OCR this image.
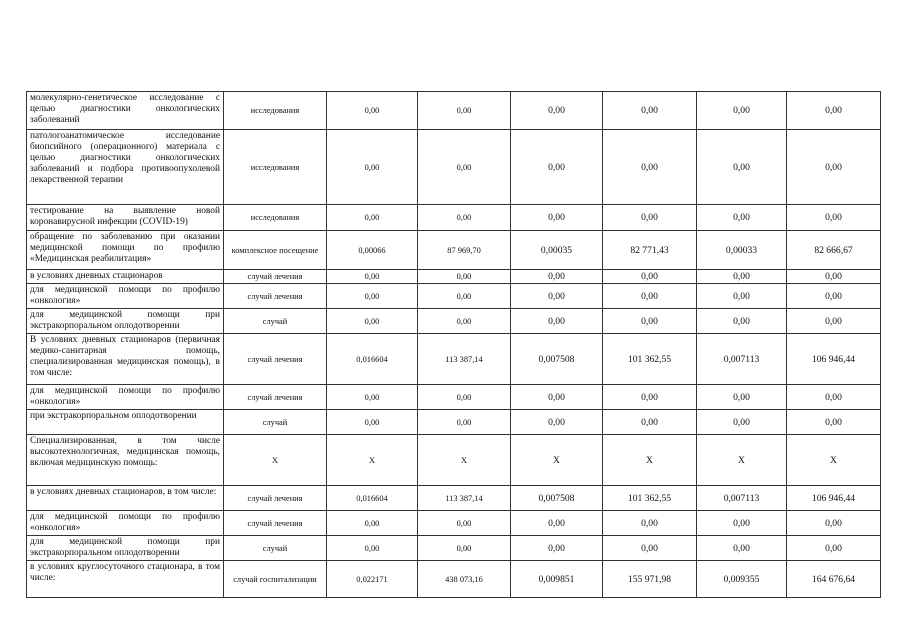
молекулярно-генетическое исследование с целью диагностики онкологических заболеваний	исследования	0,00	0,00	0,00	0,00	0,00	0,00
патологоанатомическое исследование биопсийного (операционного) материала с целью диагностики онкологических заболеваний и подбора противоопухолевой лекарственной терапии	исследования	0,00	0,00	0,00	0,00	0,00	0,00
тестирование на выявление новой коронавирусной инфекции (COVID-19)	исследования	0,00	0,00	0,00	0,00	0,00	0,00
обращение по заболеванию при оказании медицинской помощи по профилю «Медицинская реабилитация»	комплексное посещение	0,00066	87 969,70	0,00035	82 771,43	0,00033	82 666,67
в условиях дневных стационаров	случай лечения	0,00	0,00	0,00	0,00	0,00	0,00
для медицинской помощи по профилю «онкология»	случай лечения	0,00	0,00	0,00	0,00	0,00	0,00
для медицинской помощи при экстракорпоральном оплодотворении	случай	0,00	0,00	0,00	0,00	0,00	0,00
В условиях дневных стационаров (первичная медико-санитарная помощь, специализированная медицинская помощь), в том числе:	случай лечения	0,016604	113 387,14	0,007508	101 362,55	0,007113	106 946,44
для медицинской помощи по профилю «онкология»	случай лечения	0,00	0,00	0,00	0,00	0,00	0,00
при экстракорпоральном оплодотворении	случай	0,00	0,00	0,00	0,00	0,00	0,00
Специализированная, в том числе высокотехнологичная, медицинская помощь, включая медицинскую помощь:	Х	Х	Х	Х	Х	Х	Х
в условиях дневных стационаров, в том числе:	случай лечения	0,016604	113 387,14	0,007508	101 362,55	0,007113	106 946,44
для медицинской помощи по профилю «онкология»	случай лечения	0,00	0,00	0,00	0,00	0,00	0,00
для медицинской помощи при экстракорпоральном оплодотворении	случай	0,00	0,00	0,00	0,00	0,00	0,00
в условиях круглосуточного стационара, в том числе:	случай госпитализации	0,022171	438 073,16	0,009851	155 971,98	0,009355	164 676,64
